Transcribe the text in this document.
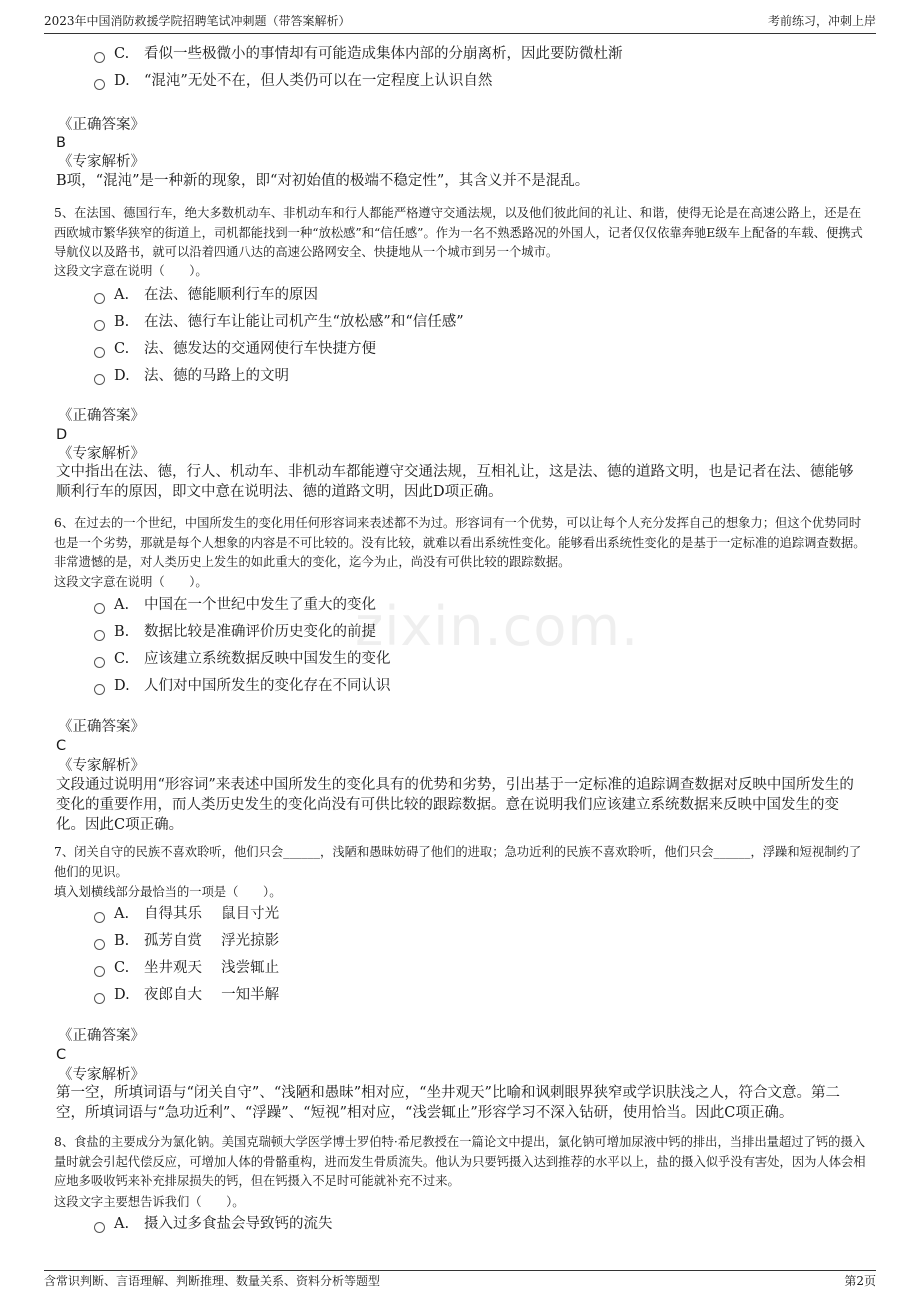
2023年中国消防救援学院招聘笔试冲刺题（带答案解析）	考前练习，冲刺上岸
zixin.com.
C.	看似一些极微小的事情却有可能造成集体内部的分崩离析，因此要防微杜渐
D. “混沌”无处不在，但人类仍可以在一定程度上认识自然
《正确答案》
B
《专家解析》
B项，“混沌”是一种新的现象，即“对初始值的极端不稳定性”，其含义并不是混乱。
5、在法国、德国行车，绝大多数机动车、非机动车和行人都能严格遵守交通法规，以及他们彼此间的礼让、和谐，使得无论是在高速公路上，还是在西欧城市繁华狭窄的街道上，司机都能找到一种“放松感”和“信任感”。作为一名不熟悉路况的外国人，记者仅仅依靠奔驰E级车上配备的车载、便携式导航仪以及路书，就可以沿着四通八达的高速公路网安全、快捷地从一个城市到另一个城市。
这段文字意在说明（　　）。
A.	在法、德能顺利行车的原因
B.	在法、德行车让能让司机产生“放松感”和“信任感”
C.	法、德发达的交通网使行车快捷方便
D. 法、德的马路上的文明
《正确答案》
D
《专家解析》
文中指出在法、德，行人、机动车、非机动车都能遵守交通法规，互相礼让，这是法、德的道路文明，也是记者在法、德能够顺利行车的原因，即文中意在说明法、德的道路文明，因此D项正确。
6、在过去的一个世纪，中国所发生的变化用任何形容词来表述都不为过。形容词有一个优势，可以让每个人充分发挥自己的想象力；但这个优势同时也是一个劣势，那就是每个人想象的内容是不可比较的。没有比较，就难以看出系统性变化。能够看出系统性变化的是基于一定标准的追踪调查数据。非常遗憾的是，对人类历史上发生的如此重大的变化，迄今为止，尚没有可供比较的跟踪数据。
这段文字意在说明（　　）。
A.	中国在一个世纪中发生了重大的变化
B.	数据比较是准确评价历史变化的前提
C.	应该建立系统数据反映中国发生的变化
D. 人们对中国所发生的变化存在不同认识
《正确答案》
C
《专家解析》
文段通过说明用“形容词”来表述中国所发生的变化具有的优势和劣势，引出基于一定标准的追踪调查数据对反映中国所发生的变化的重要作用，而人类历史发生的变化尚没有可供比较的跟踪数据。意在说明我们应该建立系统数据来反映中国发生的变化。因此C项正确。
7、闭关自守的民族不喜欢聆听，他们只会______，浅陋和愚昧妨碍了他们的进取；急功近利的民族不喜欢聆听，他们只会______，浮躁和短视制约了他们的见识。
填入划横线部分最恰当的一项是（　　）。
A.	自得其乐　 鼠目寸光
B.	孤芳自赏　 浮光掠影
C.	坐井观天　 浅尝辄止
D. 夜郎自大　 一知半解
《正确答案》
C
《专家解析》
第一空，所填词语与“闭关自守”、“浅陋和愚昧”相对应，“坐井观天”比喻和讽刺眼界狭窄或学识肤浅之人，符合文意。第二空，所填词语与“急功近利”、“浮躁”、“短视”相对应，“浅尝辄止”形容学习不深入钻研，使用恰当。因此C项正确。
8、食盐的主要成分为氯化钠。美国克瑞顿大学医学博士罗伯特·希尼教授在一篇论文中提出，氯化钠可增加尿液中钙的排出，当排出量超过了钙的摄入量时就会引起代偿反应，可增加人体的骨骼重构，进而发生骨质流失。他认为只要钙摄入达到推荐的水平以上，盐的摄入似乎没有害处，因为人体会相应地多吸收钙来补充排尿损失的钙，但在钙摄入不足时可能就补充不过来。
这段文字主要想告诉我们（　　）。
A.	摄入过多食盐会导致钙的流失
含常识判断、言语理解、判断推理、数量关系、资料分析等题型	第2页
